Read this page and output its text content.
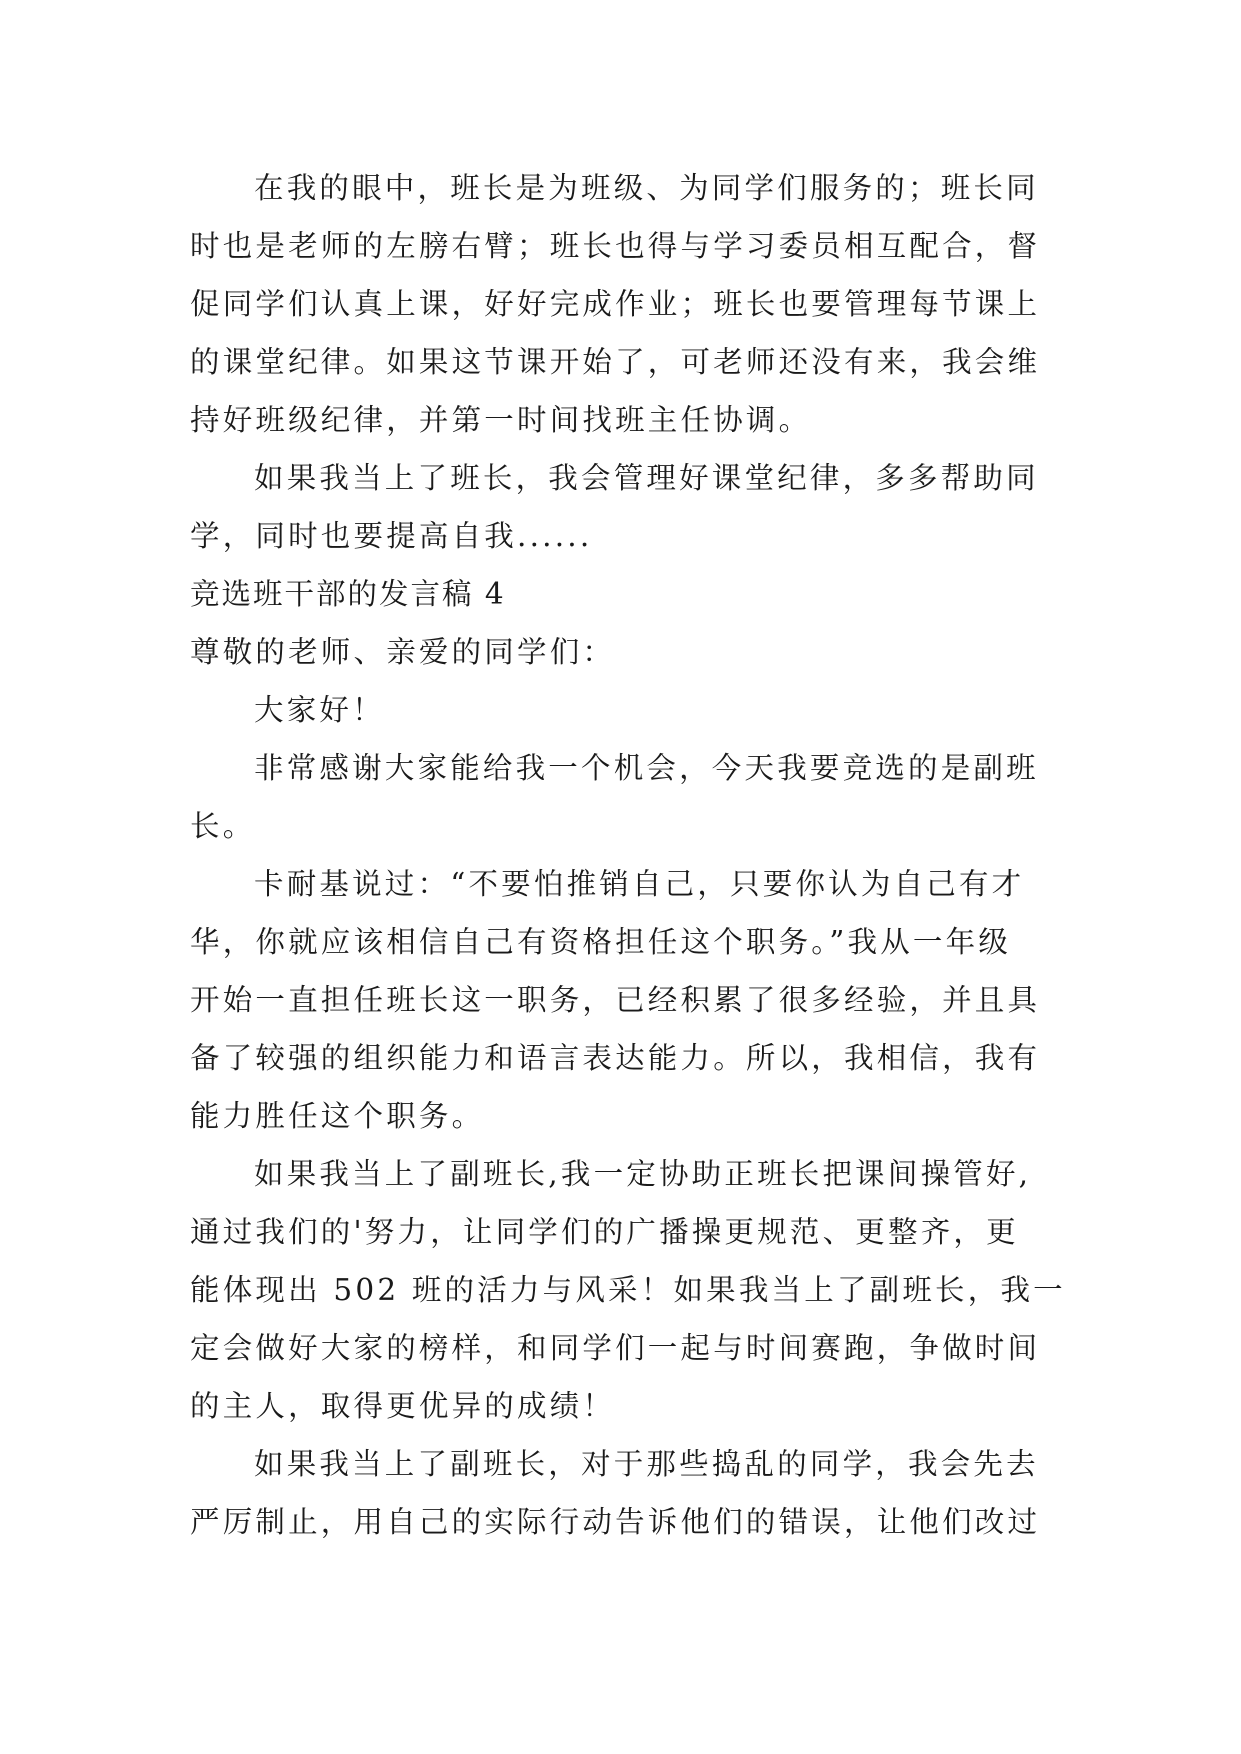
在我的眼中，班长是为班级、为同学们服务的；班长同
时也是老师的左膀右臂；班长也得与学习委员相互配合，督
促同学们认真上课，好好完成作业；班长也要管理每节课上
的课堂纪律。如果这节课开始了，可老师还没有来，我会维
持好班级纪律，并第一时间找班主任协调。
如果我当上了班长，我会管理好课堂纪律，多多帮助同
学，同时也要提高自我......
竞选班干部的发言稿 4
尊敬的老师、亲爱的同学们：
大家好！
非常感谢大家能给我一个机会，今天我要竞选的是副班
长。
卡耐基说过：“不要怕推销自己，只要你认为自己有才
华，你就应该相信自己有资格担任这个职务。”我从一年级
开始一直担任班长这一职务，已经积累了很多经验，并且具
备了较强的组织能力和语言表达能力。所以，我相信，我有
能力胜任这个职务。
如果我当上了副班长,我一定协助正班长把课间操管好,
通过我们的'努力，让同学们的广播操更规范、更整齐，更
能体现出 502 班的活力与风采！如果我当上了副班长，我一
定会做好大家的榜样，和同学们一起与时间赛跑，争做时间
的主人，取得更优异的成绩！
如果我当上了副班长，对于那些捣乱的同学，我会先去
严厉制止，用自己的实际行动告诉他们的错误，让他们改过
